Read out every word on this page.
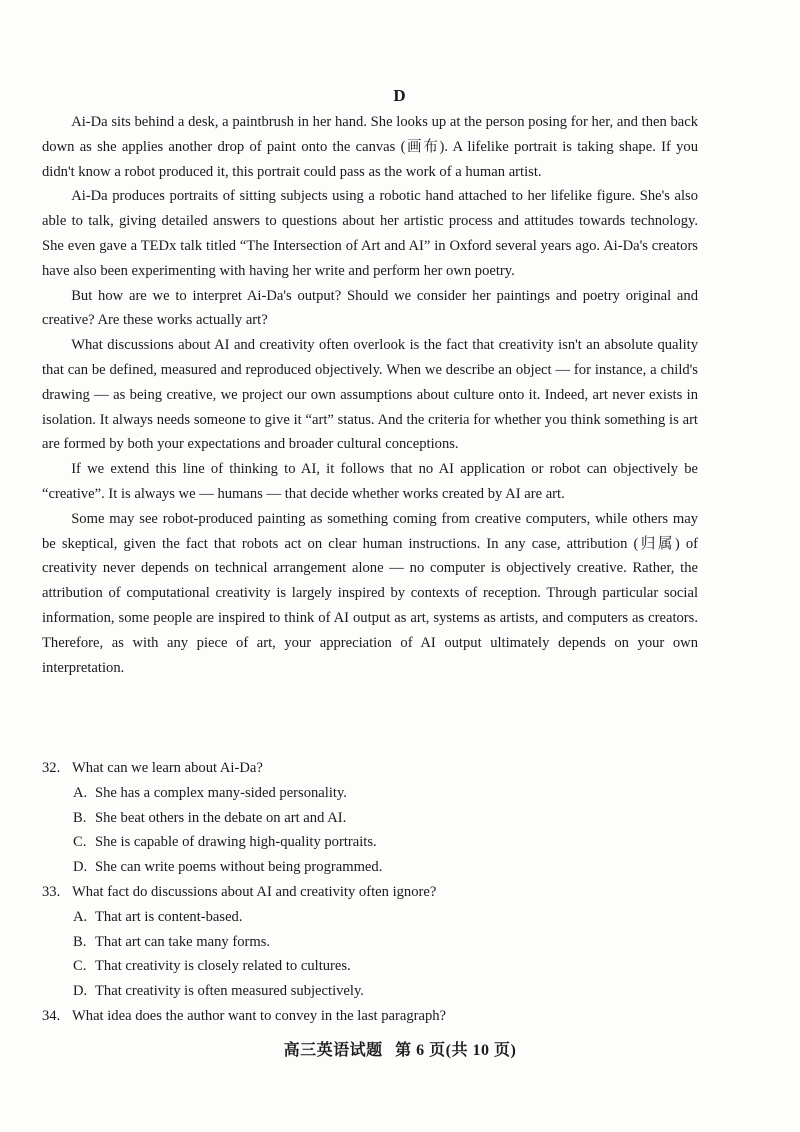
D

Ai-Da sits behind a desk, a paintbrush in her hand. She looks up at the person posing for her, and then back down as she applies another drop of paint onto the canvas (画布). A lifelike portrait is taking shape. If you didn't know a robot produced it, this portrait could pass as the work of a human artist.

Ai-Da produces portraits of sitting subjects using a robotic hand attached to her lifelike figure. She's also able to talk, giving detailed answers to questions about her artistic process and attitudes towards technology. She even gave a TEDx talk titled “The Intersection of Art and AI” in Oxford several years ago. Ai-Da's creators have also been experimenting with having her write and perform her own poetry.

But how are we to interpret Ai-Da's output? Should we consider her paintings and poetry original and creative? Are these works actually art?

What discussions about AI and creativity often overlook is the fact that creativity isn't an absolute quality that can be defined, measured and reproduced objectively. When we describe an object — for instance, a child's drawing — as being creative, we project our own assumptions about culture onto it. Indeed, art never exists in isolation. It always needs someone to give it “art” status. And the criteria for whether you think something is art are formed by both your expectations and broader cultural conceptions.

If we extend this line of thinking to AI, it follows that no AI application or robot can objectively be “creative”. It is always we — humans — that decide whether works created by AI are art.

Some may see robot-produced painting as something coming from creative computers, while others may be skeptical, given the fact that robots act on clear human instructions. In any case, attribution (归属) of creativity never depends on technical arrangement alone — no computer is objectively creative. Rather, the attribution of computational creativity is largely inspired by contexts of reception. Through particular social information, some people are inspired to think of AI output as art, systems as artists, and computers as creators. Therefore, as with any piece of art, your appreciation of AI output ultimately depends on your own interpretation.

32. What can we learn about Ai-Da?

A. She has a complex many-sided personality.
B. She beat others in the debate on art and AI.
C. She is capable of drawing high-quality portraits.
D. She can write poems without being programmed.

33. What fact do discussions about AI and creativity often ignore?

A. That art is content-based.
B. That art can take many forms.
C. That creativity is closely related to cultures.
D. That creativity is often measured subjectively.

34. What idea does the author want to convey in the last paragraph?

高三英语试题 第 6 页(共 10 页)
